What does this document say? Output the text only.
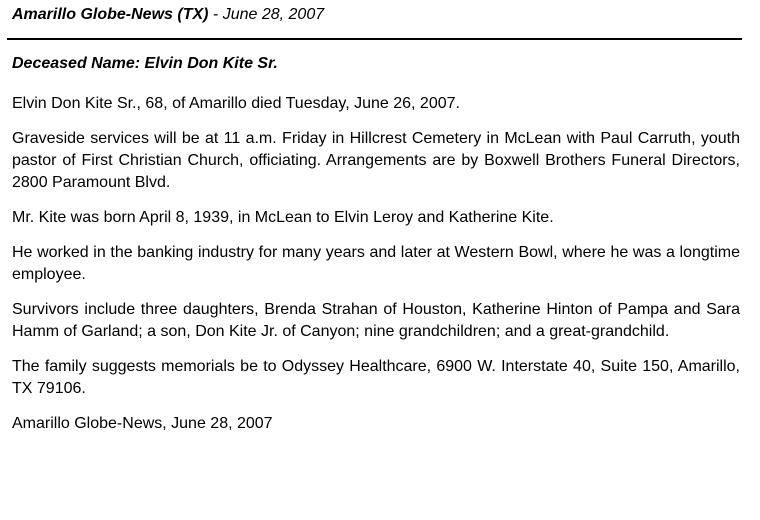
Amarillo Globe-News (TX) - June 28, 2007
Deceased Name: Elvin Don Kite Sr.

Elvin Don Kite Sr., 68, of Amarillo died Tuesday, June 26, 2007.

Graveside services will be at 11 a.m. Friday in Hillcrest Cemetery in McLean with Paul Carruth, youth pastor of First Christian Church, officiating. Arrangements are by Boxwell Brothers Funeral Directors, 2800 Paramount Blvd.

Mr. Kite was born April 8, 1939, in McLean to Elvin Leroy and Katherine Kite.

He worked in the banking industry for many years and later at Western Bowl, where he was a longtime employee.

Survivors include three daughters, Brenda Strahan of Houston, Katherine Hinton of Pampa and Sara Hamm of Garland; a son, Don Kite Jr. of Canyon; nine grandchildren; and a great-grandchild.

The family suggests memorials be to Odyssey Healthcare, 6900 W. Interstate 40, Suite 150, Amarillo, TX 79106.

Amarillo Globe-News, June 28, 2007
